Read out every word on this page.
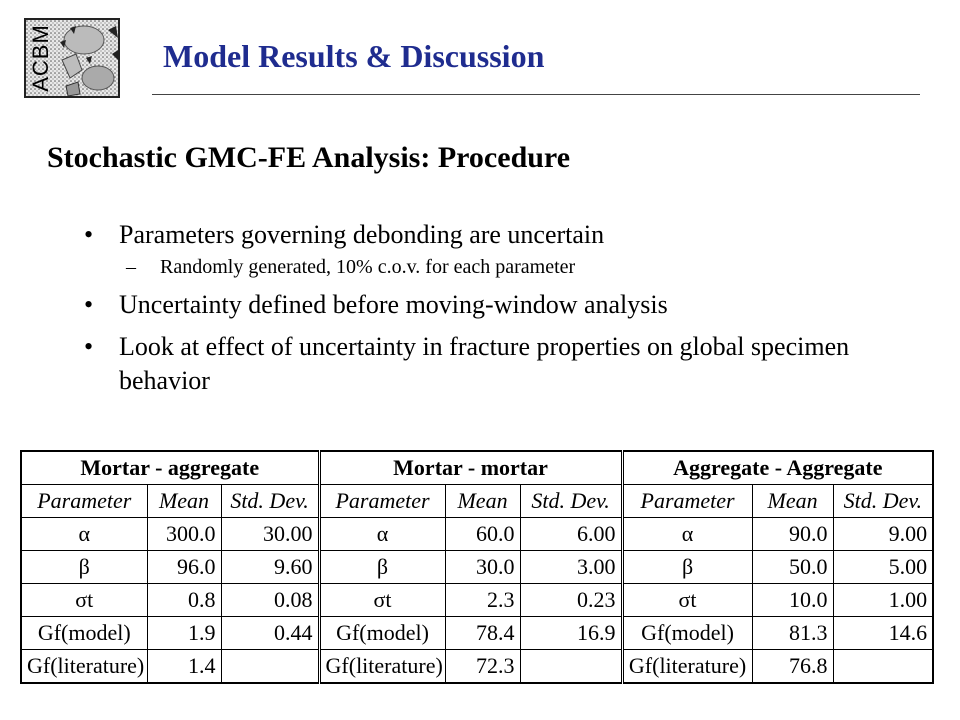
ACBM	Model Results & Discussion
Stochastic GMC-FE Analysis: Procedure
• Parameters governing debonding are uncertain
– Randomly generated, 10% c.o.v. for each parameter
• Uncertainty defined before moving-window analysis
• Look at effect of uncertainty in fracture properties on global specimen behavior
Mortar - aggregate			Mortar - mortar			Aggregate - Aggregate		
Parameter	Mean	Std. Dev.	Parameter	Mean	Std. Dev.	Parameter	Mean	Std. Dev.
α	300.0	30.00	α	60.0	6.00	α	90.0	9.00
β	96.0	9.60	β	30.0	3.00	β	50.0	5.00
σt	0.8	0.08	σt	2.3	0.23	σt	10.0	1.00
Gf(model)	1.9	0.44	Gf(model)	78.4	16.9	Gf(model)	81.3	14.6
Gf(literature)	1.4		Gf(literature)	72.3		Gf(literature)	76.8	
